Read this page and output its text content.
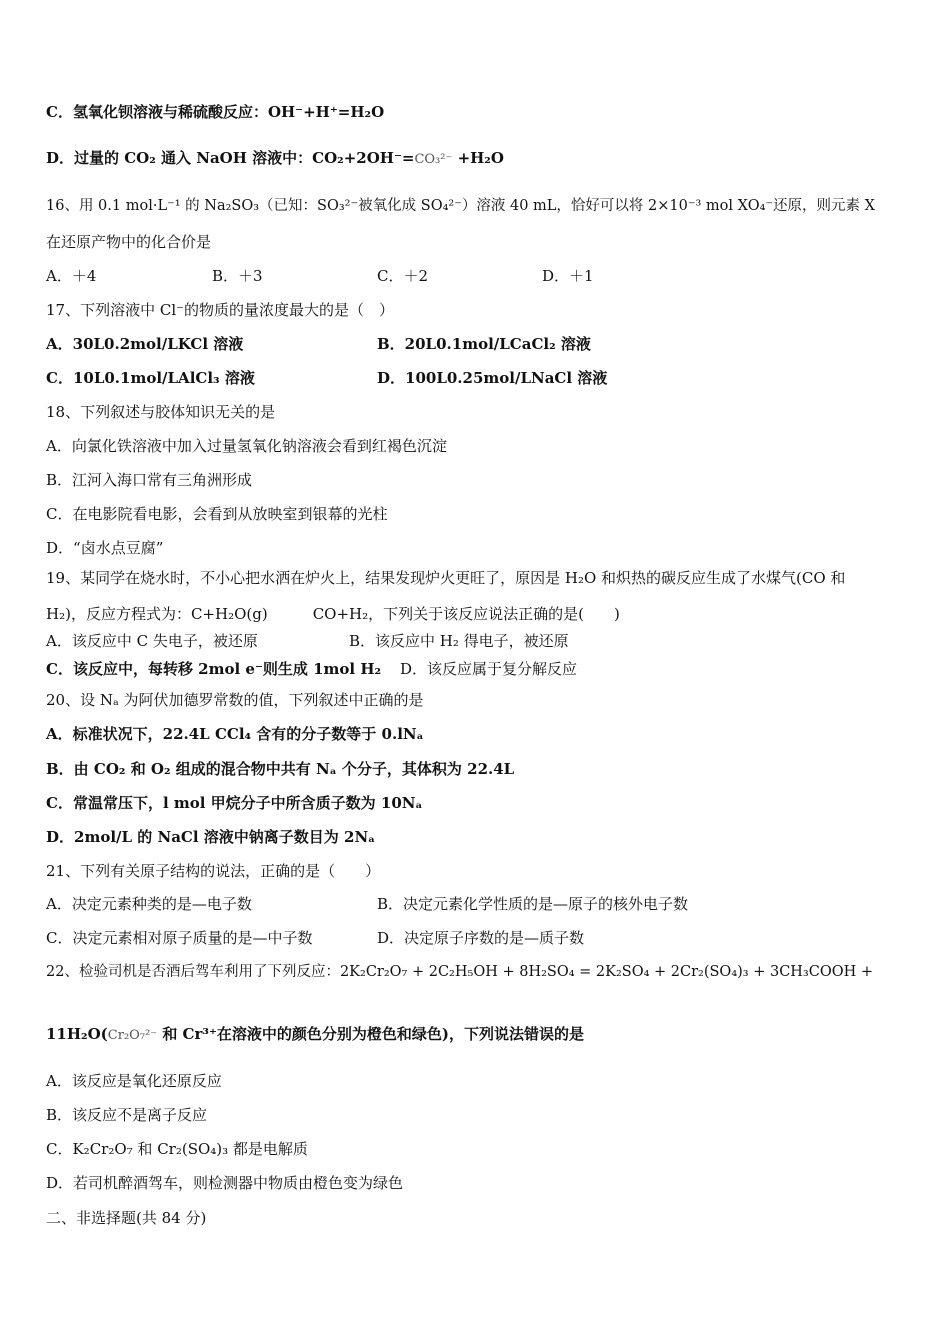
C．氢氧化钡溶液与稀硫酸反应：OH⁻+H⁺=H₂O
D．过量的 CO₂ 通入 NaOH 溶液中：CO₂+2OH⁻=CO₃²⁻ +H₂O
16、用 0.1 mol·L⁻¹ 的 Na₂SO₃（已知：SO₃²⁻被氧化成 SO₄²⁻）溶液 40 mL，恰好可以将 2×10⁻³ mol XO₄⁻还原，则元素 X
在还原产物中的化合价是
A．＋4	B．＋3	C．＋2	D．＋1
17、下列溶液中 Cl⁻的物质的量浓度最大的是（　）
A．30L0.2mol/LKCl 溶液	B．20L0.1mol/LCaCl₂ 溶液
C．10L0.1mol/LAlCl₃ 溶液	D．100L0.25mol/LNaCl 溶液
18、下列叙述与胶体知识无关的是
A．向氯化铁溶液中加入过量氢氧化钠溶液会看到红褐色沉淀
B．江河入海口常有三角洲形成
C．在电影院看电影，会看到从放映室到银幕的光柱
D．“卤水点豆腐”
19、某同学在烧水时，不小心把水洒在炉火上，结果发现炉火更旺了，原因是 H₂O 和炽热的碳反应生成了水煤气(CO 和
H₂)，反应方程式为：C+H₂O(g)　　　CO+H₂，下列关于该反应说法正确的是(　　)
A．该反应中 C 失电子，被还原	B．该反应中 H₂ 得电子，被还原
C．该反应中，每转移 2mol e⁻则生成 1mol H₂ D．该反应属于复分解反应
20、设 Nₐ 为阿伏加德罗常数的值，下列叙述中正确的是
A．标准状况下，22.4L CCl₄ 含有的分子数等于 0.lNₐ
B．由 CO₂ 和 O₂ 组成的混合物中共有 Nₐ 个分子，其体积为 22.4L
C．常温常压下，l mol 甲烷分子中所含质子数为 10Nₐ
D．2mol/L 的 NaCl 溶液中钠离子数目为 2Nₐ
21、下列有关原子结构的说法，正确的是（　　）
A．决定元素种类的是—电子数	B．决定元素化学性质的是—原子的核外电子数
C．决定元素相对原子质量的是—中子数	D．决定原子序数的是—质子数
22、检验司机是否酒后驾车利用了下列反应：2K₂Cr₂O₇ + 2C₂H₅OH + 8H₂SO₄ = 2K₂SO₄ + 2Cr₂(SO₄)₃ + 3CH₃COOH +
11H₂O(Cr₂O₇²⁻ 和 Cr³⁺在溶液中的颜色分别为橙色和绿色)，下列说法错误的是
A．该反应是氧化还原反应
B．该反应不是离子反应
C．K₂Cr₂O₇ 和 Cr₂(SO₄)₃ 都是电解质
D．若司机醉酒驾车，则检测器中物质由橙色变为绿色
二、非选择题(共 84 分)
